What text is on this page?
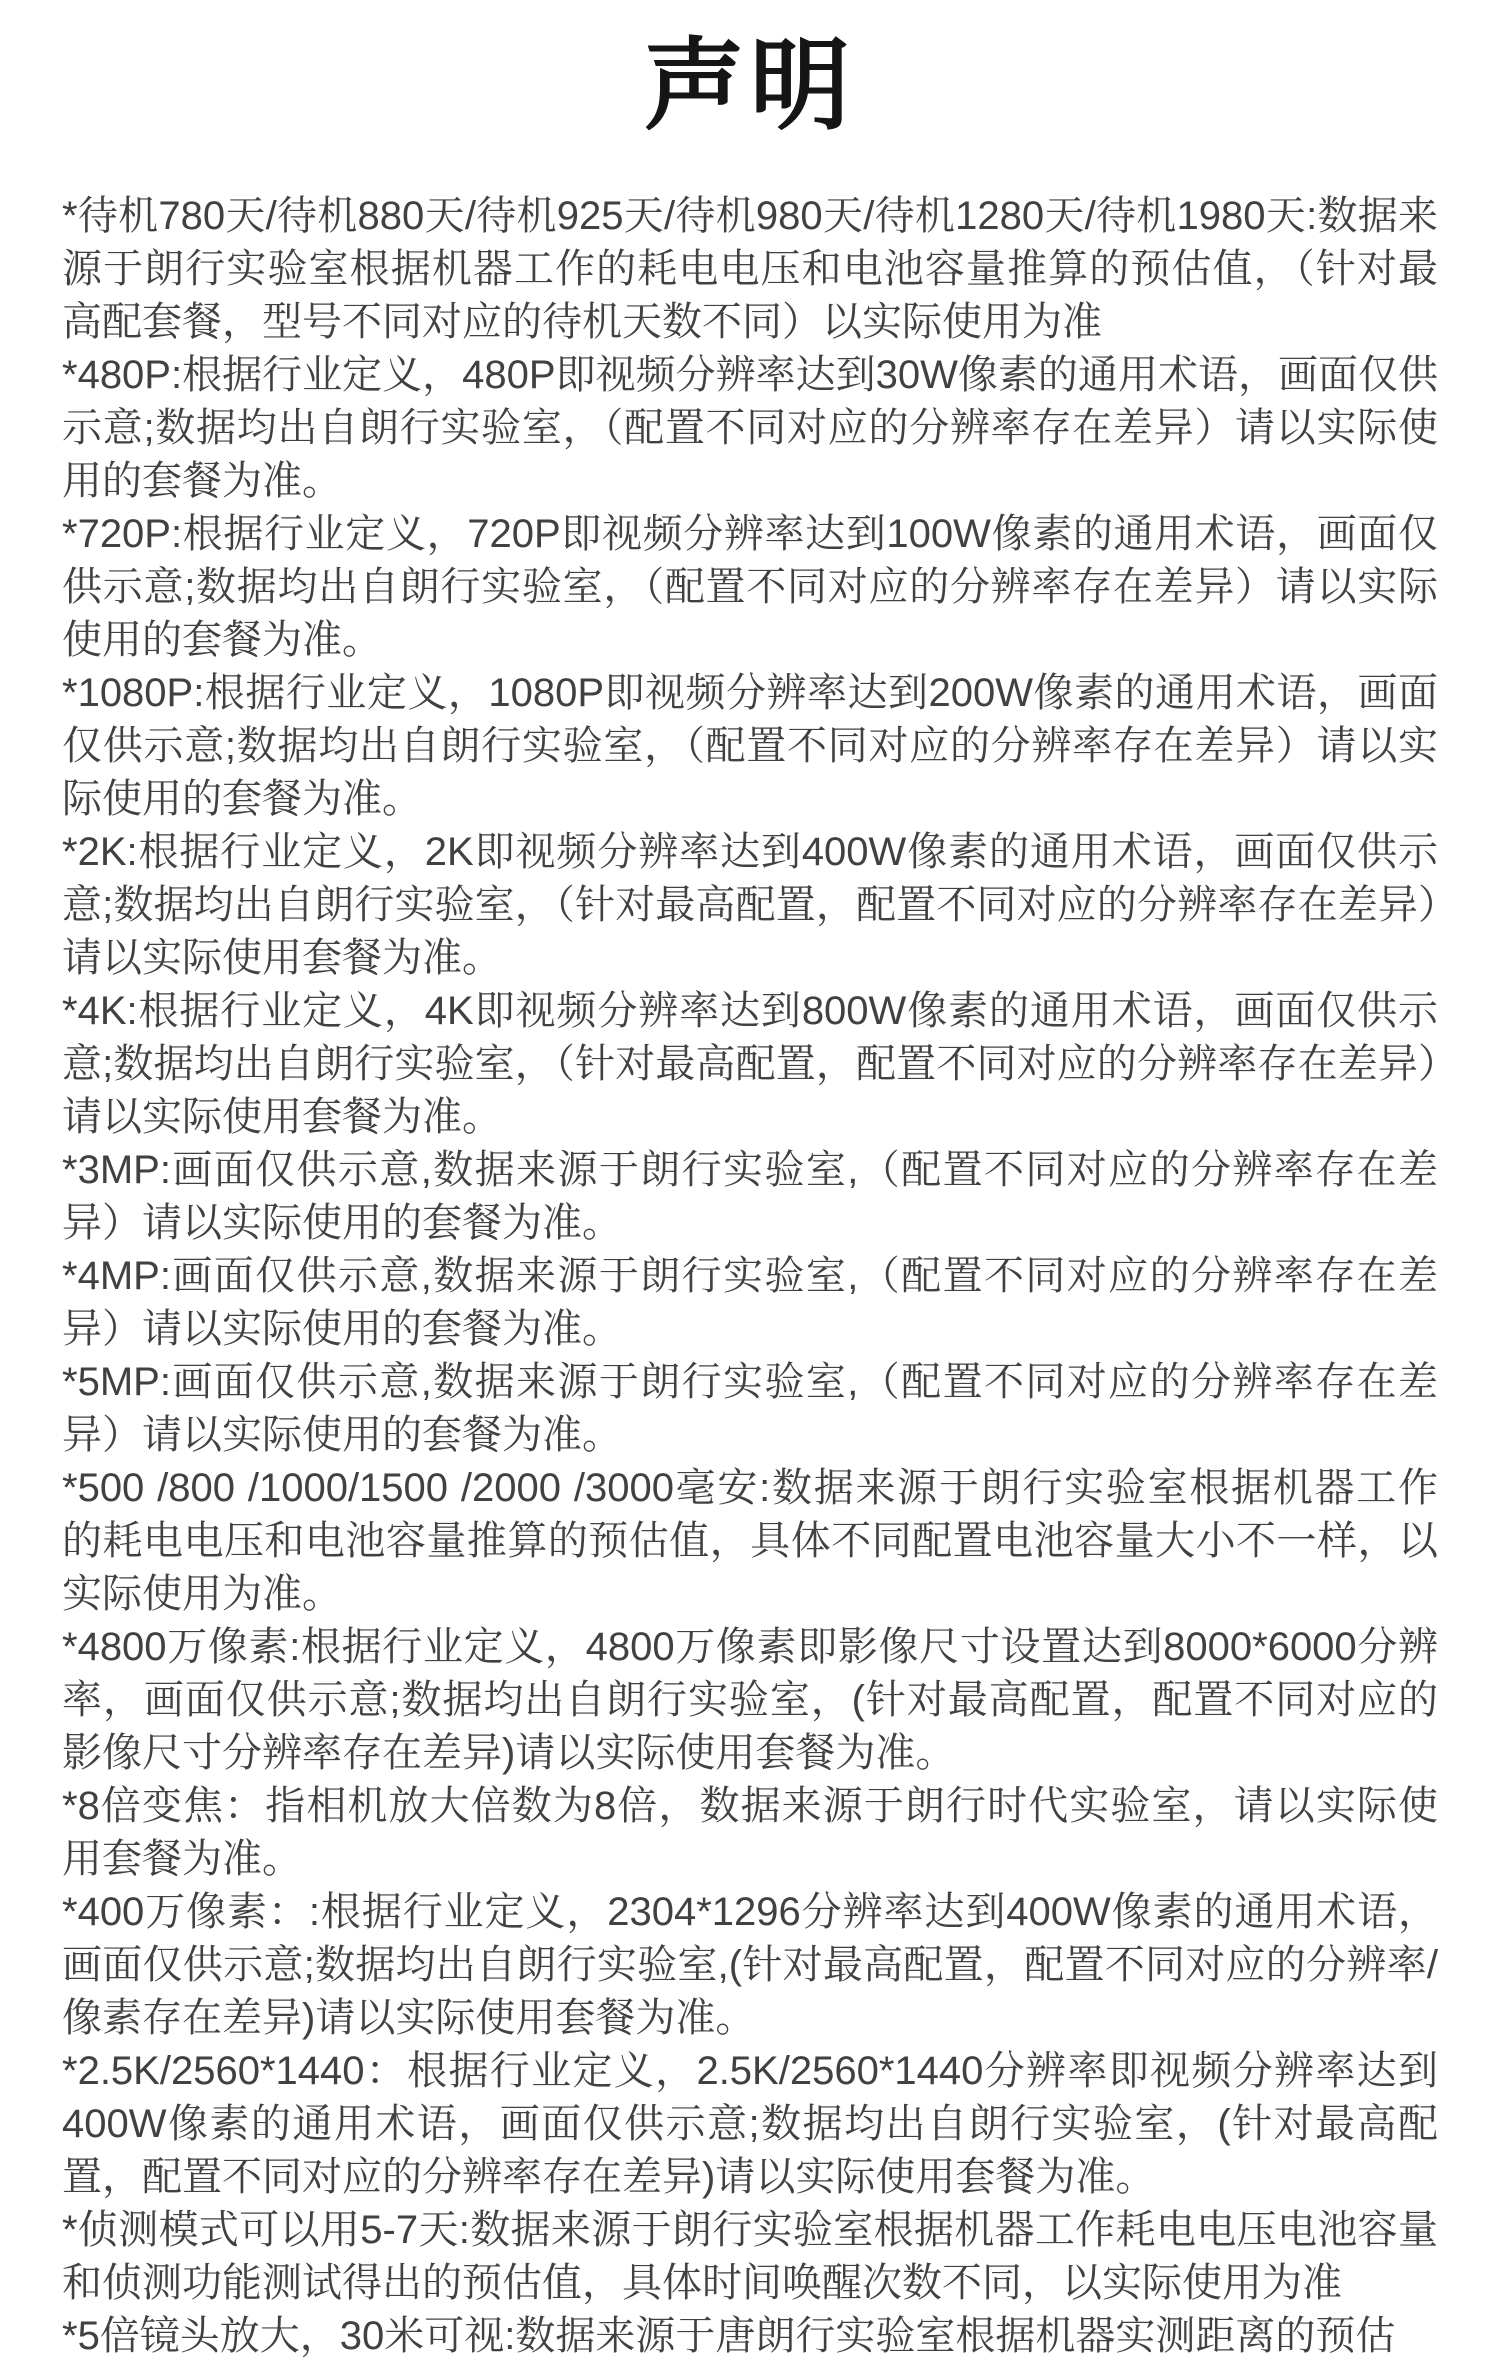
声明

*待机780天/待机880天/待机925天/待机980天/待机1280天/待机1980天:数据来源于朗行实验室根据机器工作的耗电电压和电池容量推算的预估值，（针对最高配套餐，型号不同对应的待机天数不同）以实际使用为准

*480P:根据行业定义，480P即视频分辨率达到30W像素的通用术语，画面仅供示意;数据均出自朗行实验室，（配置不同对应的分辨率存在差异）请以实际使用的套餐为准。

*720P:根据行业定义，720P即视频分辨率达到100W像素的通用术语，画面仅供示意;数据均出自朗行实验室，（配置不同对应的分辨率存在差异）请以实际使用的套餐为准。

*1080P:根据行业定义，1080P即视频分辨率达到200W像素的通用术语，画面仅供示意;数据均出自朗行实验室，（配置不同对应的分辨率存在差异）请以实际使用的套餐为准。

*2K:根据行业定义，2K即视频分辨率达到400W像素的通用术语，画面仅供示意;数据均出自朗行实验室，（针对最高配置，配置不同对应的分辨率存在差异）请以实际使用套餐为准。

*4K:根据行业定义，4K即视频分辨率达到800W像素的通用术语，画面仅供示意;数据均出自朗行实验室，（针对最高配置，配置不同对应的分辨率存在差异）请以实际使用套餐为准。

*3MP:画面仅供示意,数据来源于朗行实验室,（配置不同对应的分辨率存在差异）请以实际使用的套餐为准。

*4MP:画面仅供示意,数据来源于朗行实验室,（配置不同对应的分辨率存在差异）请以实际使用的套餐为准。

*5MP:画面仅供示意,数据来源于朗行实验室,（配置不同对应的分辨率存在差异）请以实际使用的套餐为准。

*500 /800 /1000/1500 /2000 /3000毫安:数据来源于朗行实验室根据机器工作的耗电电压和电池容量推算的预估值，具体不同配置电池容量大小不一样，以实际使用为准。

*4800万像素:根据行业定义，4800万像素即影像尺寸设置达到8000*6000分辨率，画面仅供示意;数据均出自朗行实验室，(针对最高配置，配置不同对应的影像尺寸分辨率存在差异)请以实际使用套餐为准。

*8倍变焦：指相机放大倍数为8倍，数据来源于朗行时代实验室，请以实际使用套餐为准。

*400万像素：:根据行业定义，2304*1296分辨率达到400W像素的通用术语，画面仅供示意;数据均出自朗行实验室,(针对最高配置，配置不同对应的分辨率/像素存在差异)请以实际使用套餐为准。

*2.5K/2560*1440：根据行业定义，2.5K/2560*1440分辨率即视频分辨率达到400W像素的通用术语，画面仅供示意;数据均出自朗行实验室，(针对最高配置，配置不同对应的分辨率存在差异)请以实际使用套餐为准。

*侦测模式可以用5-7天:数据来源于朗行实验室根据机器工作耗电电压电池容量和侦测功能测试得出的预估值，具体时间唤醒次数不同，以实际使用为准

*5倍镜头放大，30米可视:数据来源于唐朗行实验室根据机器实测距离的预估
